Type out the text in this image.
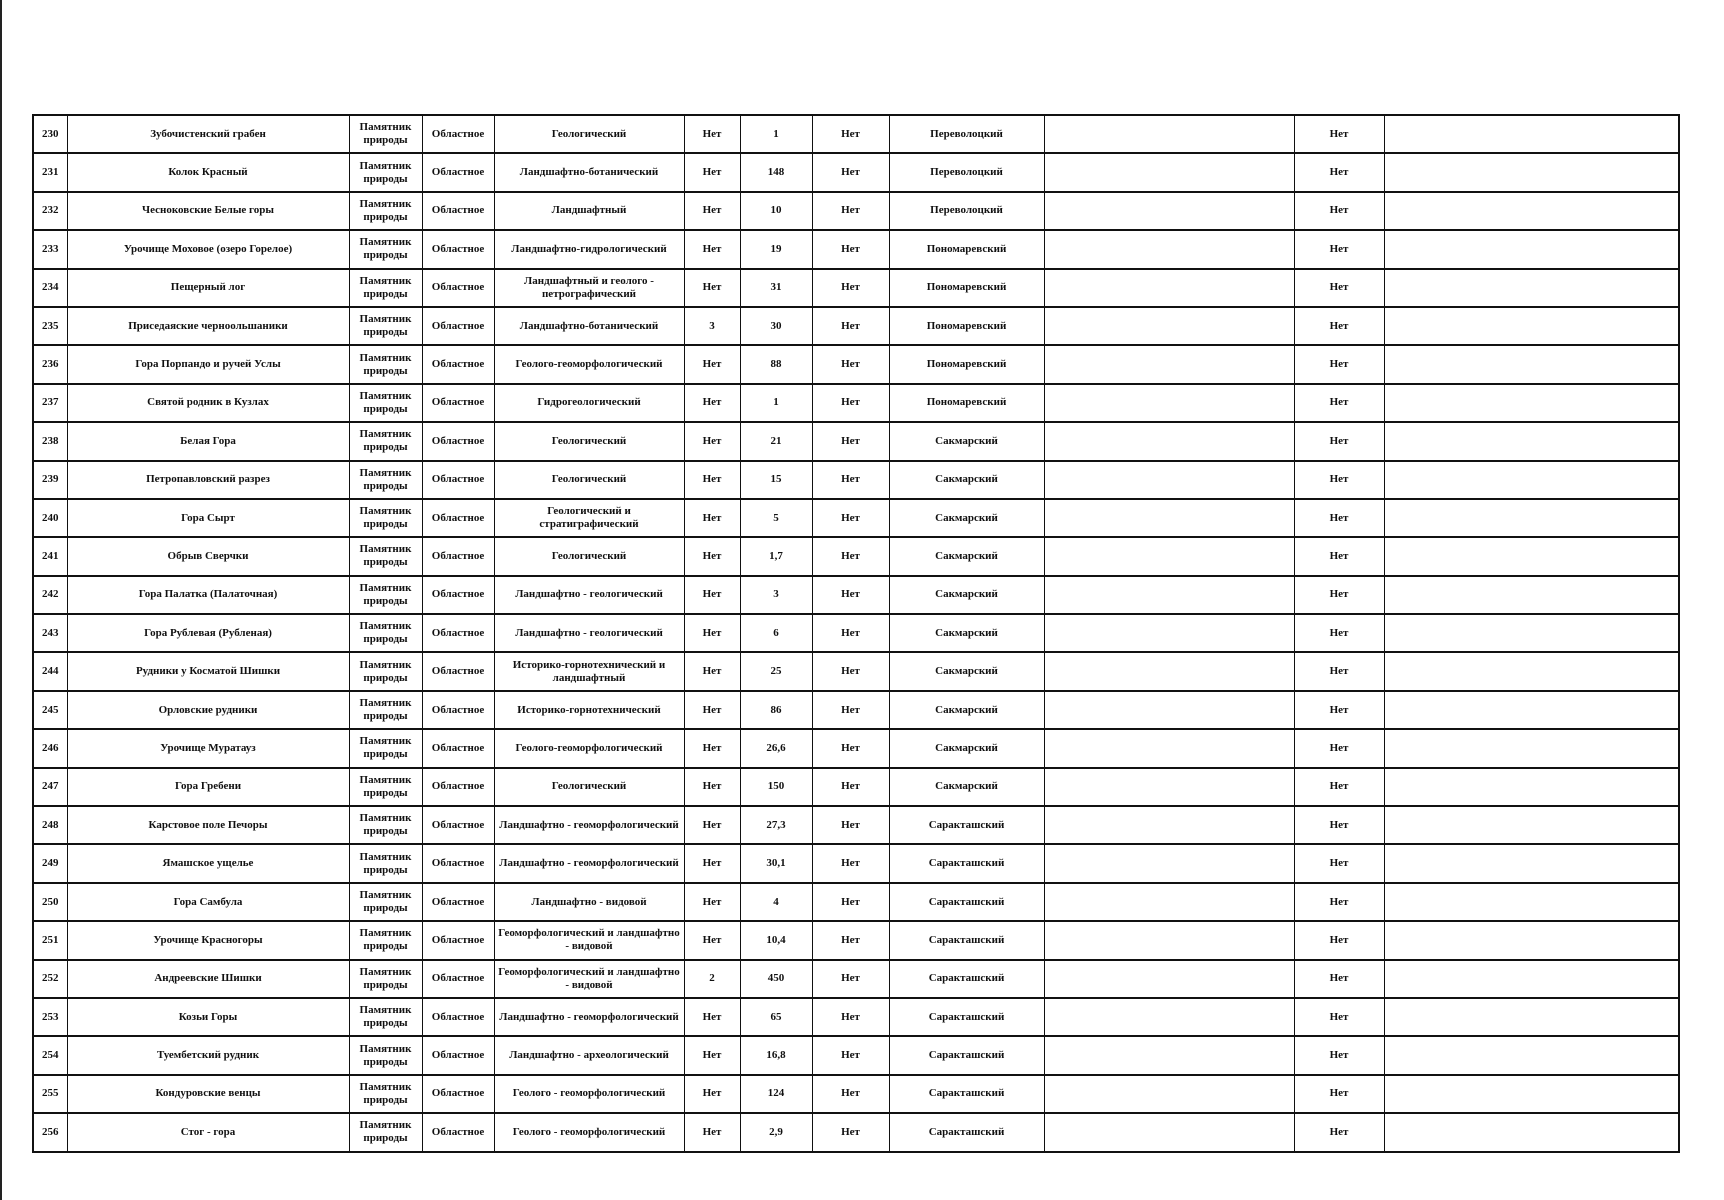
230	Зубочистенский грабен	Памятник природы	Областное	Геологический	Нет	1	Нет	Переволоцкий		Нет	
231	Колок Красный	Памятник природы	Областное	Ландшафтно-ботанический	Нет	148	Нет	Переволоцкий		Нет	
232	Чесноковские Белые горы	Памятник природы	Областное	Ландшафтный	Нет	10	Нет	Переволоцкий		Нет	
233	Урочище Моховое (озеро Горелое)	Памятник природы	Областное	Ландшафтно-гидрологический	Нет	19	Нет	Пономаревский		Нет	
234	Пещерный лог	Памятник природы	Областное	Ландшафтный и геолого - петрографический	Нет	31	Нет	Пономаревский		Нет	
235	Приседаяские черноольшаники	Памятник природы	Областное	Ландшафтно-ботанический	3	30	Нет	Пономаревский		Нет	
236	Гора Порпандо и ручей Услы	Памятник природы	Областное	Геолого-геоморфологический	Нет	88	Нет	Пономаревский		Нет	
237	Святой родник в Кузлах	Памятник природы	Областное	Гидрогеологический	Нет	1	Нет	Пономаревский		Нет	
238	Белая Гора	Памятник природы	Областное	Геологический	Нет	21	Нет	Сакмарский		Нет	
239	Петропавловский разрез	Памятник природы	Областное	Геологический	Нет	15	Нет	Сакмарский		Нет	
240	Гора Сырт	Памятник природы	Областное	Геологический и стратиграфический	Нет	5	Нет	Сакмарский		Нет	
241	Обрыв Сверчки	Памятник природы	Областное	Геологический	Нет	1,7	Нет	Сакмарский		Нет	
242	Гора Палатка (Палаточная)	Памятник природы	Областное	Ландшафтно - геологический	Нет	3	Нет	Сакмарский		Нет	
243	Гора Рублевая (Рубленая)	Памятник природы	Областное	Ландшафтно - геологический	Нет	6	Нет	Сакмарский		Нет	
244	Рудники у Косматой Шишки	Памятник природы	Областное	Историко-горнотехнический и ландшафтный	Нет	25	Нет	Сакмарский		Нет	
245	Орловские рудники	Памятник природы	Областное	Историко-горнотехнический	Нет	86	Нет	Сакмарский		Нет	
246	Урочище Муратауз	Памятник природы	Областное	Геолого-геоморфологический	Нет	26,6	Нет	Сакмарский		Нет	
247	Гора Гребени	Памятник природы	Областное	Геологический	Нет	150	Нет	Сакмарский		Нет	
248	Карстовое поле Печоры	Памятник природы	Областное	Ландшафтно - геоморфологический	Нет	27,3	Нет	Саракташский		Нет	
249	Ямашское ущелье	Памятник природы	Областное	Ландшафтно - геоморфологический	Нет	30,1	Нет	Саракташский		Нет	
250	Гора Самбула	Памятник природы	Областное	Ландшафтно - видовой	Нет	4	Нет	Саракташский		Нет	
251	Урочище Красногоры	Памятник природы	Областное	Геоморфологический и ландшафтно - видовой	Нет	10,4	Нет	Саракташский		Нет	
252	Андреевские Шишки	Памятник природы	Областное	Геоморфологический и ландшафтно - видовой	2	450	Нет	Саракташский		Нет	
253	Козьи Горы	Памятник природы	Областное	Ландшафтно - геоморфологический	Нет	65	Нет	Саракташский		Нет	
254	Туембетский рудник	Памятник природы	Областное	Ландшафтно - археологический	Нет	16,8	Нет	Саракташский		Нет	
255	Кондуровские венцы	Памятник природы	Областное	Геолого - геоморфологический	Нет	124	Нет	Саракташский		Нет	
256	Стог - гора	Памятник природы	Областное	Геолого - геоморфологический	Нет	2,9	Нет	Саракташский		Нет	
